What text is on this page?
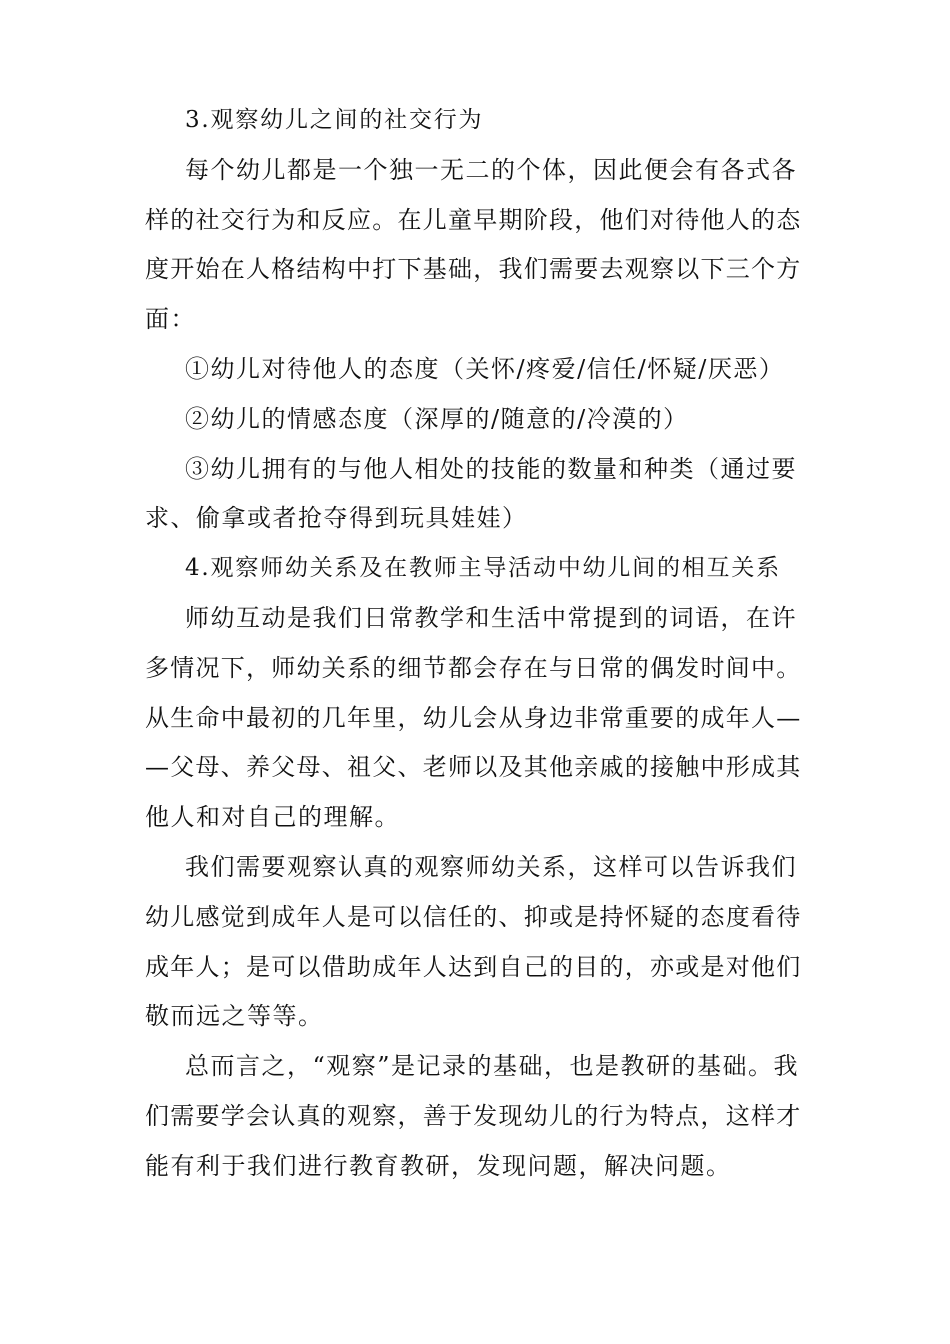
3.观察幼儿之间的社交行为
每个幼儿都是一个独一无二的个体，因此便会有各式各
样的社交行为和反应。在儿童早期阶段，他们对待他人的态
度开始在人格结构中打下基础，我们需要去观察以下三个方
面：
①幼儿对待他人的态度（关怀/疼爱/信任/怀疑/厌恶）
②幼儿的情感态度（深厚的/随意的/冷漠的）
③幼儿拥有的与他人相处的技能的数量和种类（通过要
求、偷拿或者抢夺得到玩具娃娃）
4.观察师幼关系及在教师主导活动中幼儿间的相互关系
师幼互动是我们日常教学和生活中常提到的词语，在许
多情况下，师幼关系的细节都会存在与日常的偶发时间中。
从生命中最初的几年里，幼儿会从身边非常重要的成年人—
—父母、养父母、祖父、老师以及其他亲戚的接触中形成其
他人和对自己的理解。
我们需要观察认真的观察师幼关系，这样可以告诉我们
幼儿感觉到成年人是可以信任的、抑或是持怀疑的态度看待
成年人；是可以借助成年人达到自己的目的，亦或是对他们
敬而远之等等。
总而言之，“观察”是记录的基础，也是教研的基础。我
们需要学会认真的观察，善于发现幼儿的行为特点，这样才
能有利于我们进行教育教研，发现问题，解决问题。
